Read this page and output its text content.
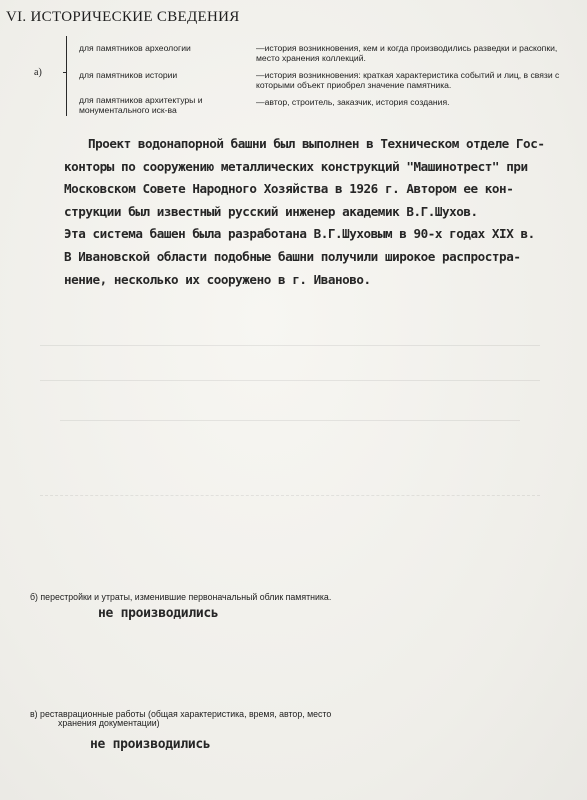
VI. ИСТОРИЧЕСКИЕ СВЕДЕНИЯ
а)
для памятников археологии	—история возникновения, кем и когда производились разведки и раскопки, место хранения коллекций.
для памятников истории	—история возникновения: краткая характеристика событий и лиц, в связи с которыми объект приобрел значение памятника.
для памятников архитектуры и монументального иск-ва
—автор, строитель, заказчик, история создания.
Проект водонапорной башни был выполнен в Техническом отделе Гос-
конторы по сооружению металлических конструкций "Машинотрест" при
Московском Совете Народного Хозяйства в 1926 г. Автором ее кон-
струкции был известный русский инженер академик В.Г.Шухов.
Эта система башен была разработана В.Г.Шуховым в 90-х годах XIX в.
В Ивановской области подобные башни получили широкое распростра-
нение, несколько их сооружено в г. Иваново.
б) перестройки и утраты, изменившие первоначальный облик памятника.
не производились
в) реставрационные работы (общая характеристика, время, автор, место
хранения документации)
не производились
